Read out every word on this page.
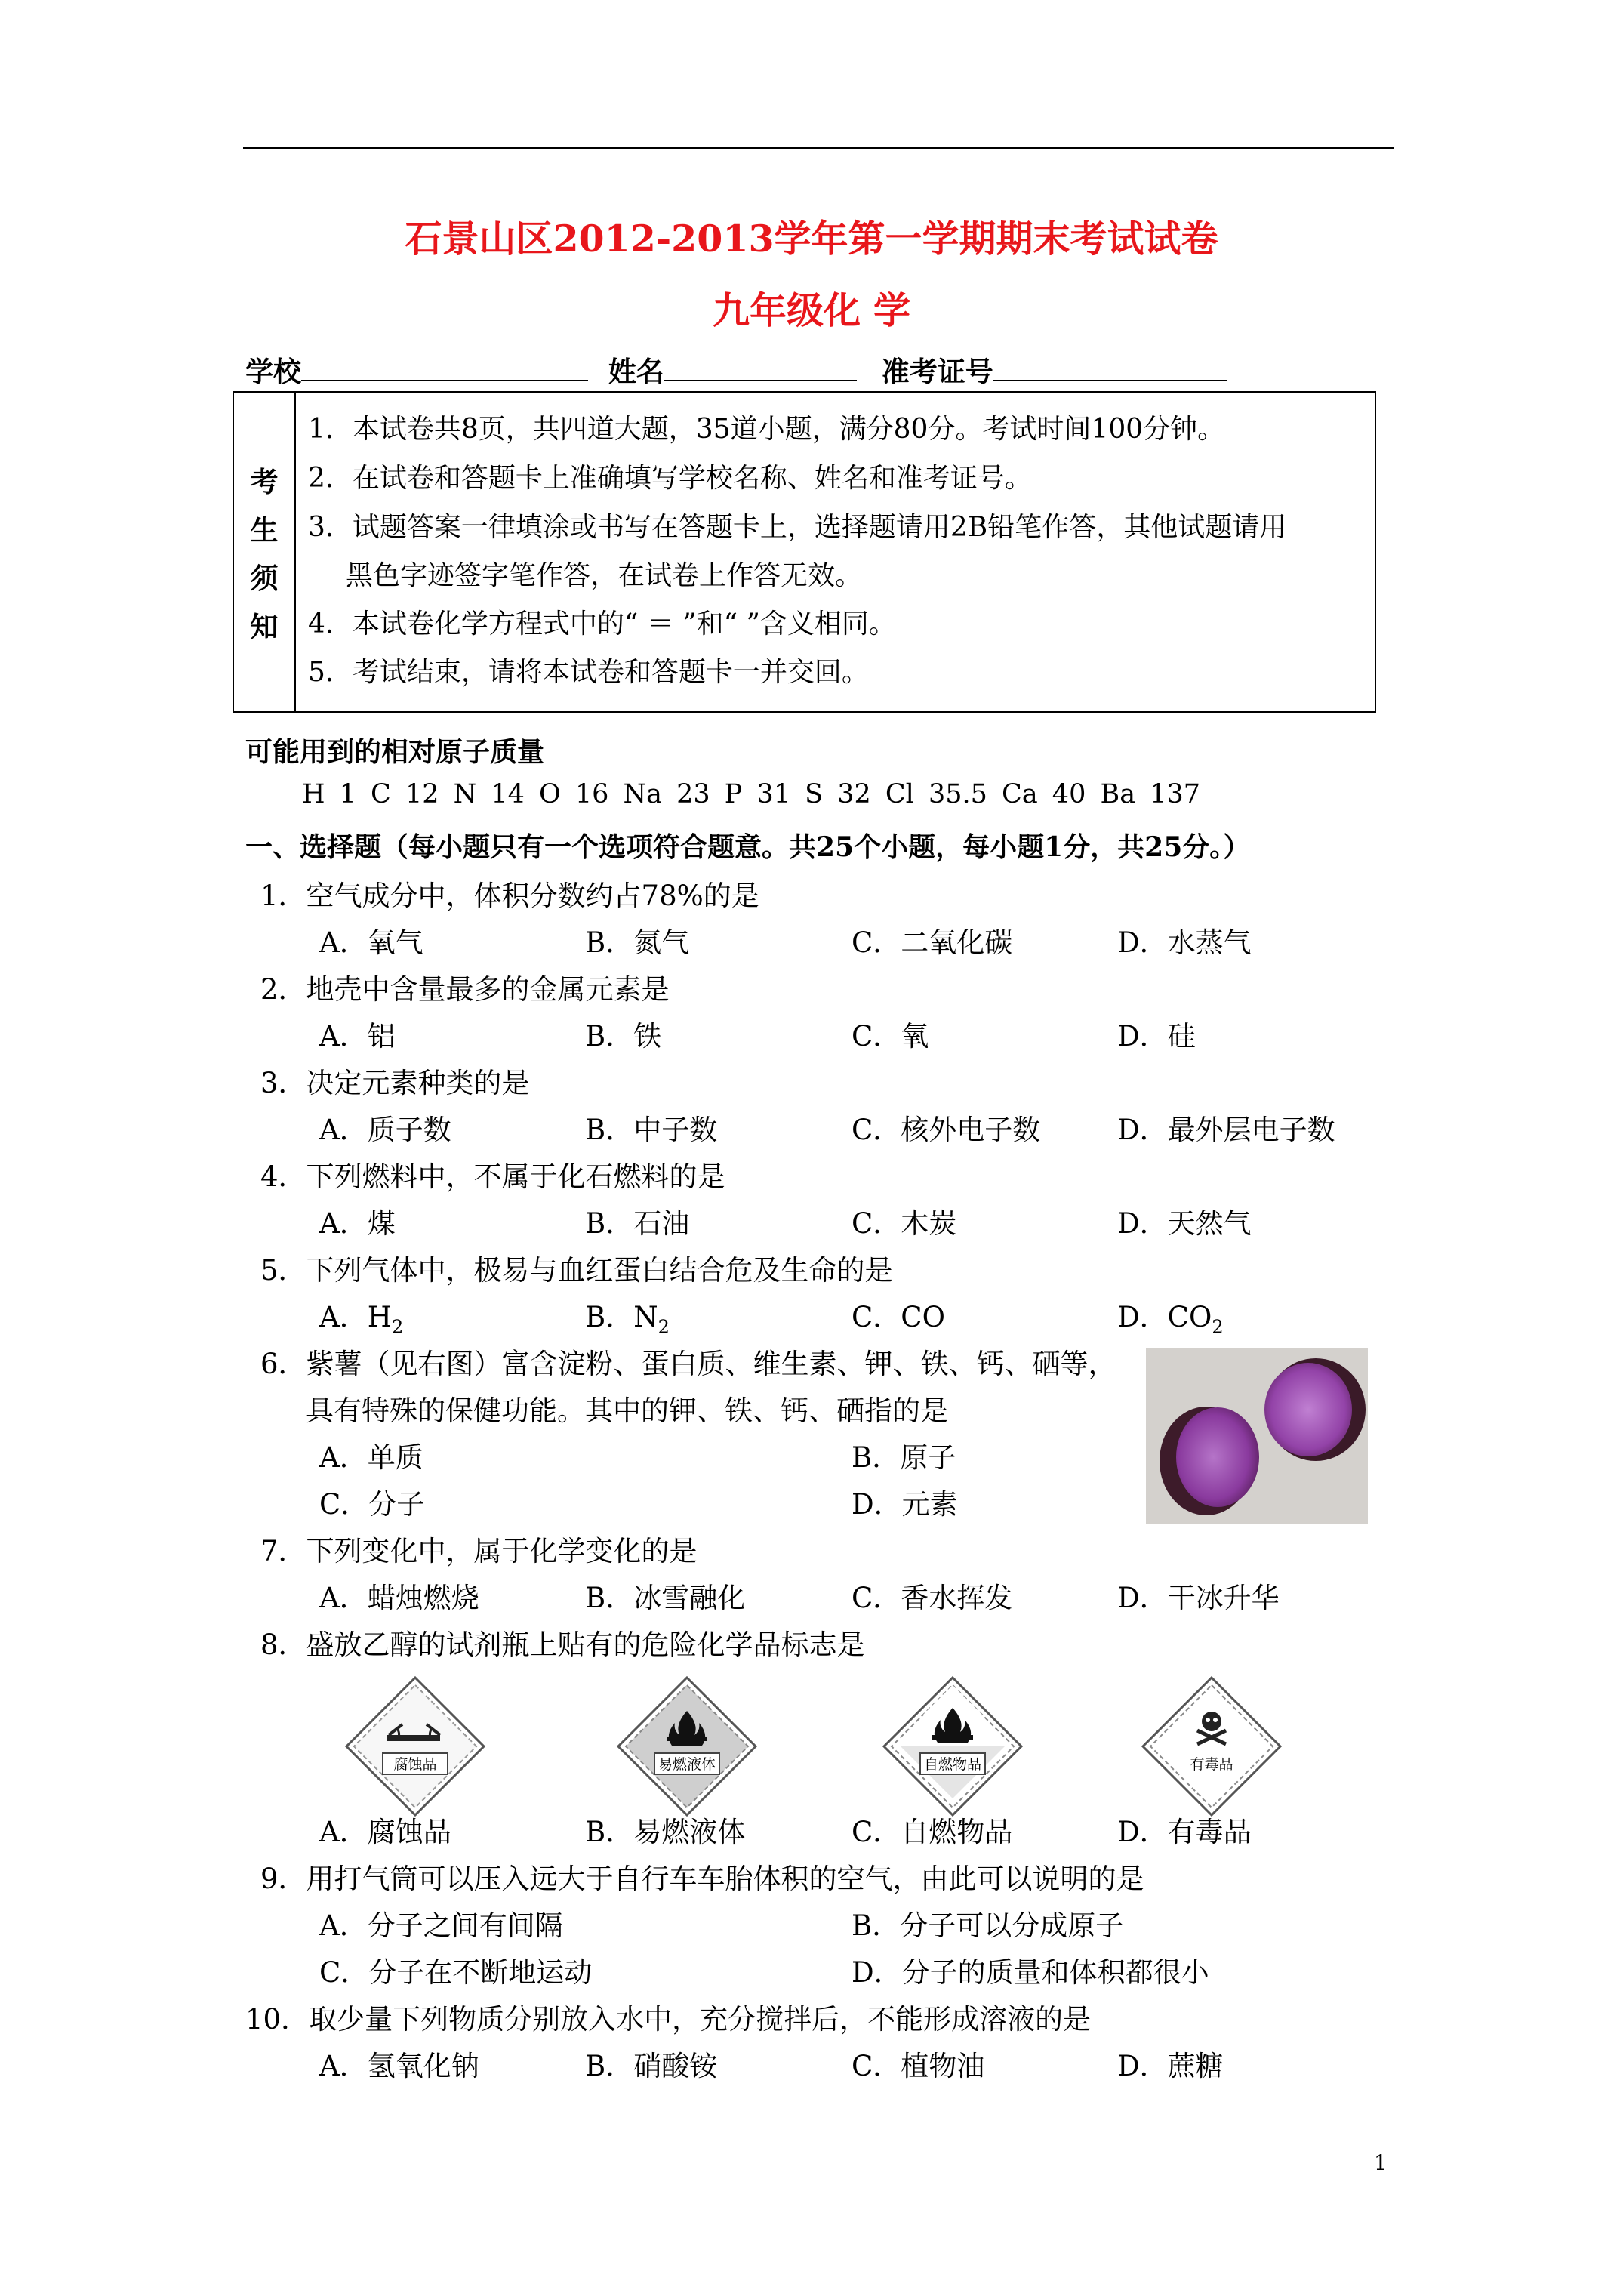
石景山区2012-2013学年第一学期期末考试试卷
九年级化 学
学校	姓名	准考证号
考
生
须
知
1．本试卷共8页，共四道大题，35道小题，满分80分。考试时间100分钟。
2．在试卷和答题卡上准确填写学校名称、姓名和准考证号。
3．试题答案一律填涂或书写在答题卡上，选择题请用2B铅笔作答，其他试题请用
黑色字迹签字笔作答，在试卷上作答无效。
4．本试卷化学方程式中的“ ＝ ”和“ ”含义相同。
5．考试结束，请将本试卷和答题卡一并交回。
可能用到的相对原子质量
H 1 C 12 N 14 O 16 Na 23 P 31 S 32 Cl 35.5 Ca 40 Ba 137
一、选择题（每小题只有一个选项符合题意。共25个小题，每小题1分，共25分。）
1．空气成分中，体积分数约占78%的是
A．氧气	B．氮气	C．二氧化碳	D．水蒸气
2．地壳中含量最多的金属元素是
A．铝	B．铁	C．氧	D．硅
3．决定元素种类的是
A．质子数	B．中子数	C．核外电子数	D．最外层电子数
4．下列燃料中，不属于化石燃料的是
A．煤	B．石油	C．木炭	D．天然气
5．下列气体中，极易与血红蛋白结合危及生命的是
A．$H_2$	B．$N_2$	C．CO	D．$CO_2$
6．紫薯（见右图）富含淀粉、蛋白质、维生素、钾、铁、钙、硒等，
具有特殊的保健功能。其中的钾、铁、钙、硒指的是
A．单质	B．原子
C．分子	D．元素
7．下列变化中，属于化学变化的是
A．蜡烛燃烧	B．冰雪融化	C．香水挥发	D．干冰升华
8．盛放乙醇的试剂瓶上贴有的危险化学品标志是
腐蚀品	易燃液体	自燃物品	有毒品
A．腐蚀品	B．易燃液体	C．自燃物品	D．有毒品
9．用打气筒可以压入远大于自行车车胎体积的空气，由此可以说明的是
A．分子之间有间隔	B．分子可以分成原子
C．分子在不断地运动	D．分子的质量和体积都很小
10．取少量下列物质分别放入水中，充分搅拌后，不能形成溶液的是
A．氢氧化钠	B．硝酸铵	C．植物油	D．蔗糖
1
